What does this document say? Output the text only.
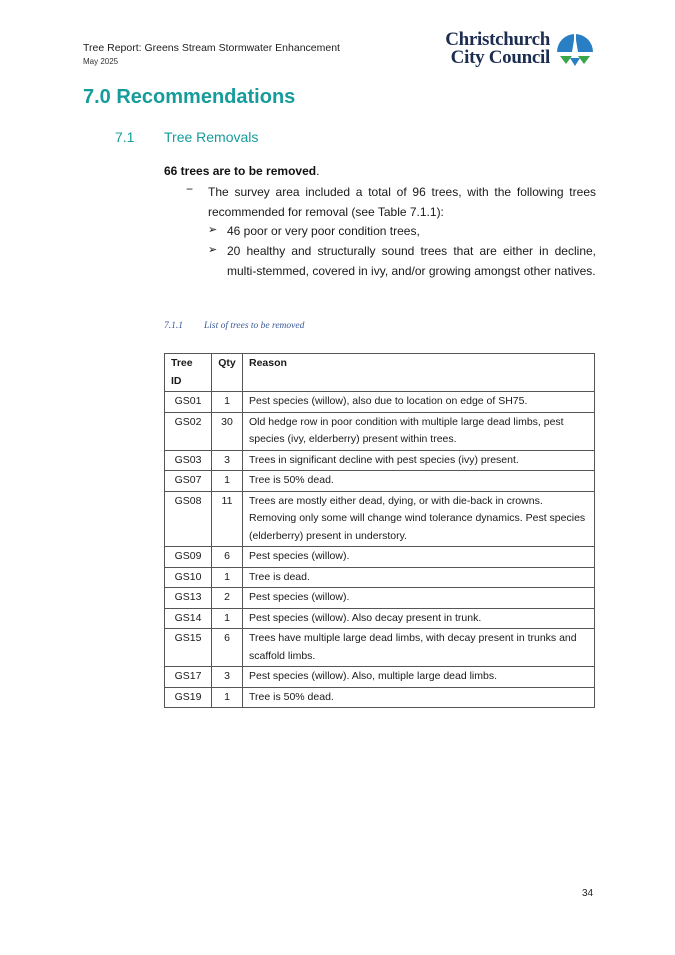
Tree Report: Greens Stream Stormwater Enhancement
May 2025
Christchurch
City Council
7.0 Recommendations
7.1 Tree Removals
66 trees are to be removed.
− The survey area included a total of 96 trees, with the following trees recommended for removal (see Table 7.1.1):
➢ 46 poor or very poor condition trees,
➢ 20 healthy and structurally sound trees that are either in decline, multi-stemmed, covered in ivy, and/or growing amongst other natives.
7.1.1 List of trees to be removed
Tree ID	Qty	Reason
GS01	1	Pest species (willow), also due to location on edge of SH75.
GS02	30	Old hedge row in poor condition with multiple large dead limbs, pest species (ivy, elderberry) present within trees.
GS03	3	Trees in significant decline with pest species (ivy) present.
GS07	1	Tree is 50% dead.
GS08	11	Trees are mostly either dead, dying, or with die-back in crowns. Removing only some will change wind tolerance dynamics. Pest species (elderberry) present in understory.
GS09	6	Pest species (willow).
GS10	1	Tree is dead.
GS13	2	Pest species (willow).
GS14	1	Pest species (willow). Also decay present in trunk.
GS15	6	Trees have multiple large dead limbs, with decay present in trunks and scaffold limbs.
GS17	3	Pest species (willow). Also, multiple large dead limbs.
GS19	1	Tree is 50% dead.
34
